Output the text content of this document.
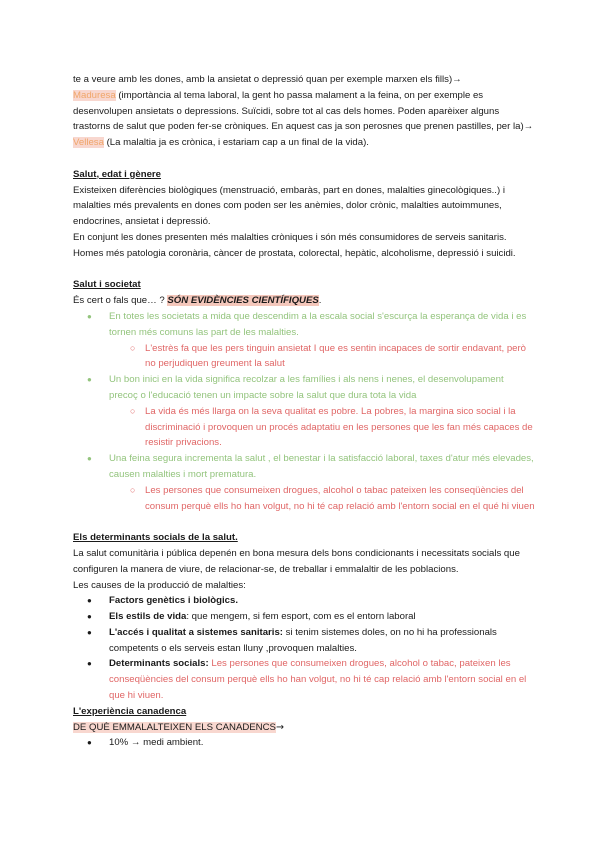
te a veure amb les dones, amb la ansietat o depressió quan per exemple marxen els fills)→
Maduresa (importància al tema laboral, la gent ho passa malament a la feina, on per exemple es desenvolupen ansietats o depressions. Suïcidi, sobre tot al cas dels homes. Poden aparèixer alguns trastorns de salut que poden fer-se cròniques. En aquest cas ja son perosnes que prenen pastilles, per la)→ Vellesa (La malaltia ja es crònica, i estariam cap a un final de la vida).

Salut, edat i gènere

Existeixen diferències biològiques (menstruació, embaràs, part en dones, malalties ginecològiques..) i malalties més prevalents en dones com poden ser les anèmies, dolor crònic, malalties autoimmunes, endocrines, ansietat i depressió.

En conjunt les dones presenten més malalties cròniques i són més consumidores de serveis sanitaris. Homes més patologia coronària, càncer de prostata, colorectal, hepàtic, alcoholisme, depressió i suicidi.

Salut i societat

És cert o fals que… ? SÓN EVIDÈNCIES CIENTÍFIQUES.

● En totes les societats a mida que descendim a la escala social s'escurça la esperança de vida i es tornen més comuns las part de les malalties.
○ L'estrès fa que les pers tinguin ansietat I que es sentin incapaces de sortir endavant, però no perjudiquen greument la salut
● Un bon inici en la vida significa recolzar a les famílies i als nens i nenes, el desenvolupament precoç o l'educació tenen un impacte sobre la salut que dura tota la vida
○ La vida és més llarga on la seva qualitat es pobre. La pobres, la margina sico social i la discriminació i provoquen un procés adaptatiu en les persones que les fan més capaces de resistir privacions.
● Una feina segura incrementa la salut , el benestar i la satisfacció laboral, taxes d'atur més elevades, causen malalties i mort prematura.
○ Les persones que consumeixen drogues, alcohol o tabac pateixen les conseqüències del consum perquè ells ho han volgut, no hi té cap relació amb l'entorn social en el qué hi viuen

Els determinants socials de la salut.

La salut comunitària i pública depenén en bona mesura dels bons condicionants i necessitats socials que configuren la manera de viure, de relacionar-se, de treballar i emmalaltir de les poblacions.

Les causes de la producció de malalties:

● Factors genètics i biològics.
● Els estils de vida: que mengem, si fem esport, com es el entorn laboral
● L'accés i qualitat a sistemes sanitaris: si tenim sistemes doles, on no hi ha professionals competents o els serveis estan lluny ,provoquen malalties.
● Determinants socials: Les persones que consumeixen drogues, alcohol o tabac, pateixen les conseqüències del consum perquè ells ho han volgut, no hi té cap relació amb l'entorn social en el que hi viuen.

L'experiència canadenca

DE QUÈ EMMALALTEIXEN ELS CANADENCS→

● 10% → medi ambient.
